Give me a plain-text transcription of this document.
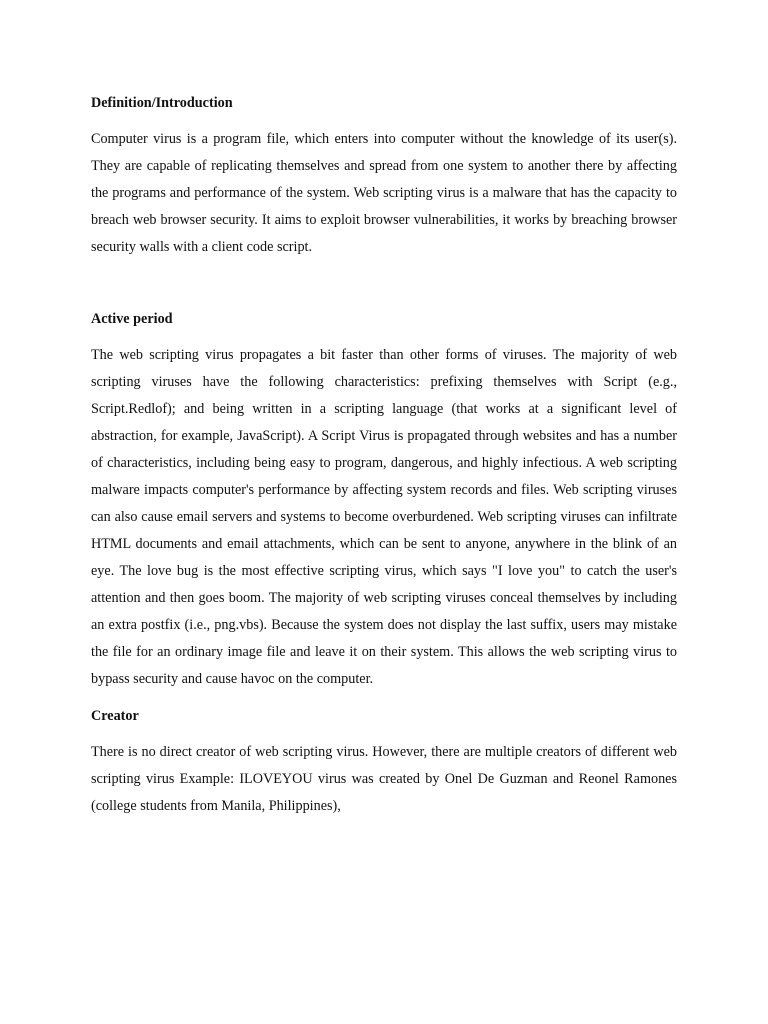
Definition/Introduction

Computer virus is a program file, which enters into computer without the knowledge of its user(s). They are capable of replicating themselves and spread from one system to another there by affecting the programs and performance of the system. Web scripting virus is a malware that has the capacity to breach web browser security. It aims to exploit browser vulnerabilities, it works by breaching browser security walls with a client code script.

Active period

The web scripting virus propagates a bit faster than other forms of viruses. The majority of web scripting viruses have the following characteristics: prefixing themselves with Script (e.g., Script.Redlof); and being written in a scripting language (that works at a significant level of abstraction, for example, JavaScript). A Script Virus is propagated through websites and has a number of characteristics, including being easy to program, dangerous, and highly infectious. A web scripting malware impacts computer's performance by affecting system records and files. Web scripting viruses can also cause email servers and systems to become overburdened. Web scripting viruses can infiltrate HTML documents and email attachments, which can be sent to anyone, anywhere in the blink of an eye. The love bug is the most effective scripting virus, which says "I love you" to catch the user's attention and then goes boom. The majority of web scripting viruses conceal themselves by including an extra postfix (i.e., png.vbs). Because the system does not display the last suffix, users may mistake the file for an ordinary image file and leave it on their system. This allows the web scripting virus to bypass security and cause havoc on the computer.

Creator

There is no direct creator of web scripting virus. However, there are multiple creators of different web scripting virus Example: ILOVEYOU virus was created by Onel De Guzman and Reonel Ramones (college students from Manila, Philippines),
